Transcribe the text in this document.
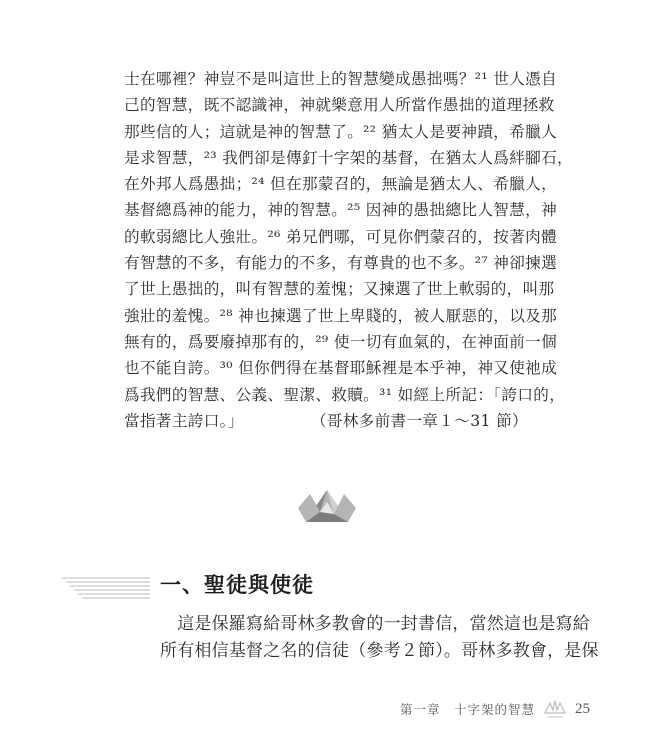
士在哪裡？神豈不是叫這世上的智慧變成愚拙嗎？²¹ 世人憑自
己的智慧，既不認識神，神就樂意用人所當作愚拙的道理拯救
那些信的人；這就是神的智慧了。²² 猶太人是要神蹟，希臘人
是求智慧，²³ 我們卻是傳釘十字架的基督，在猶太人爲絆腳石，
在外邦人爲愚拙；²⁴ 但在那蒙召的，無論是猶太人、希臘人，
基督總爲神的能力，神的智慧。²⁵ 因神的愚拙總比人智慧，神
的軟弱總比人強壯。²⁶ 弟兄們哪，可見你們蒙召的，按著肉體
有智慧的不多，有能力的不多，有尊貴的也不多。²⁷ 神卻揀選
了世上愚拙的，叫有智慧的羞愧；又揀選了世上軟弱的，叫那
強壯的羞愧。²⁸ 神也揀選了世上卑賤的，被人厭惡的，以及那
無有的，爲要廢掉那有的，²⁹ 使一切有血氣的，在神面前一個
也不能自誇。³⁰ 但你們得在基督耶穌裡是本乎神，神又使祂成
爲我們的智慧、公義、聖潔、救贖。³¹ 如經上所記：「誇口的，
當指著主誇口。」	（哥林多前書一章１～31 節）
一、聖徒與使徒
　這是保羅寫給哥林多教會的一封書信，當然這也是寫給
所有相信基督之名的信徒（參考２節）。哥林多教會，是保
第一章　十字架的智慧	25
